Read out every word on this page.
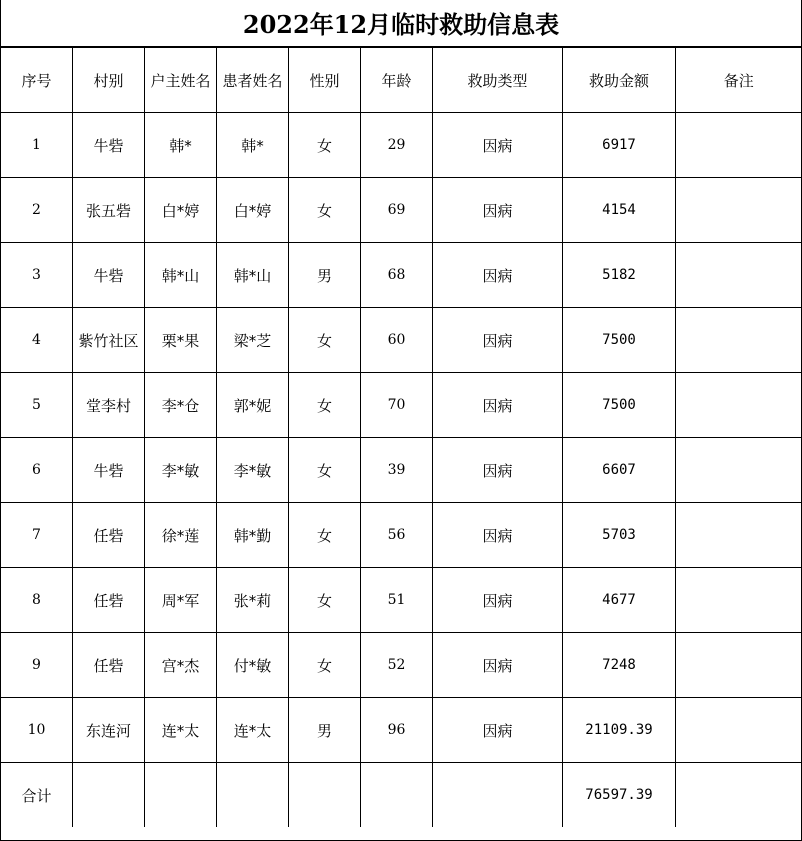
2022年12月临时救助信息表
序号	村别	户主姓名	患者姓名	性别	年龄	救助类型	救助金额	备注
1	牛砦	韩*	韩*	女	29	因病	6917	
2	张五砦	白*婷	白*婷	女	69	因病	4154	
3	牛砦	韩*山	韩*山	男	68	因病	5182	
4	紫竹社区	栗*果	梁*芝	女	60	因病	7500	
5	堂李村	李*仓	郭*妮	女	70	因病	7500	
6	牛砦	李*敏	李*敏	女	39	因病	6607	
7	任砦	徐*莲	韩*勤	女	56	因病	5703	
8	任砦	周*军	张*莉	女	51	因病	4677	
9	任砦	宫*杰	付*敏	女	52	因病	7248	
10	东连河	连*太	连*太	男	96	因病	21109.39	
合计							76597.39	
